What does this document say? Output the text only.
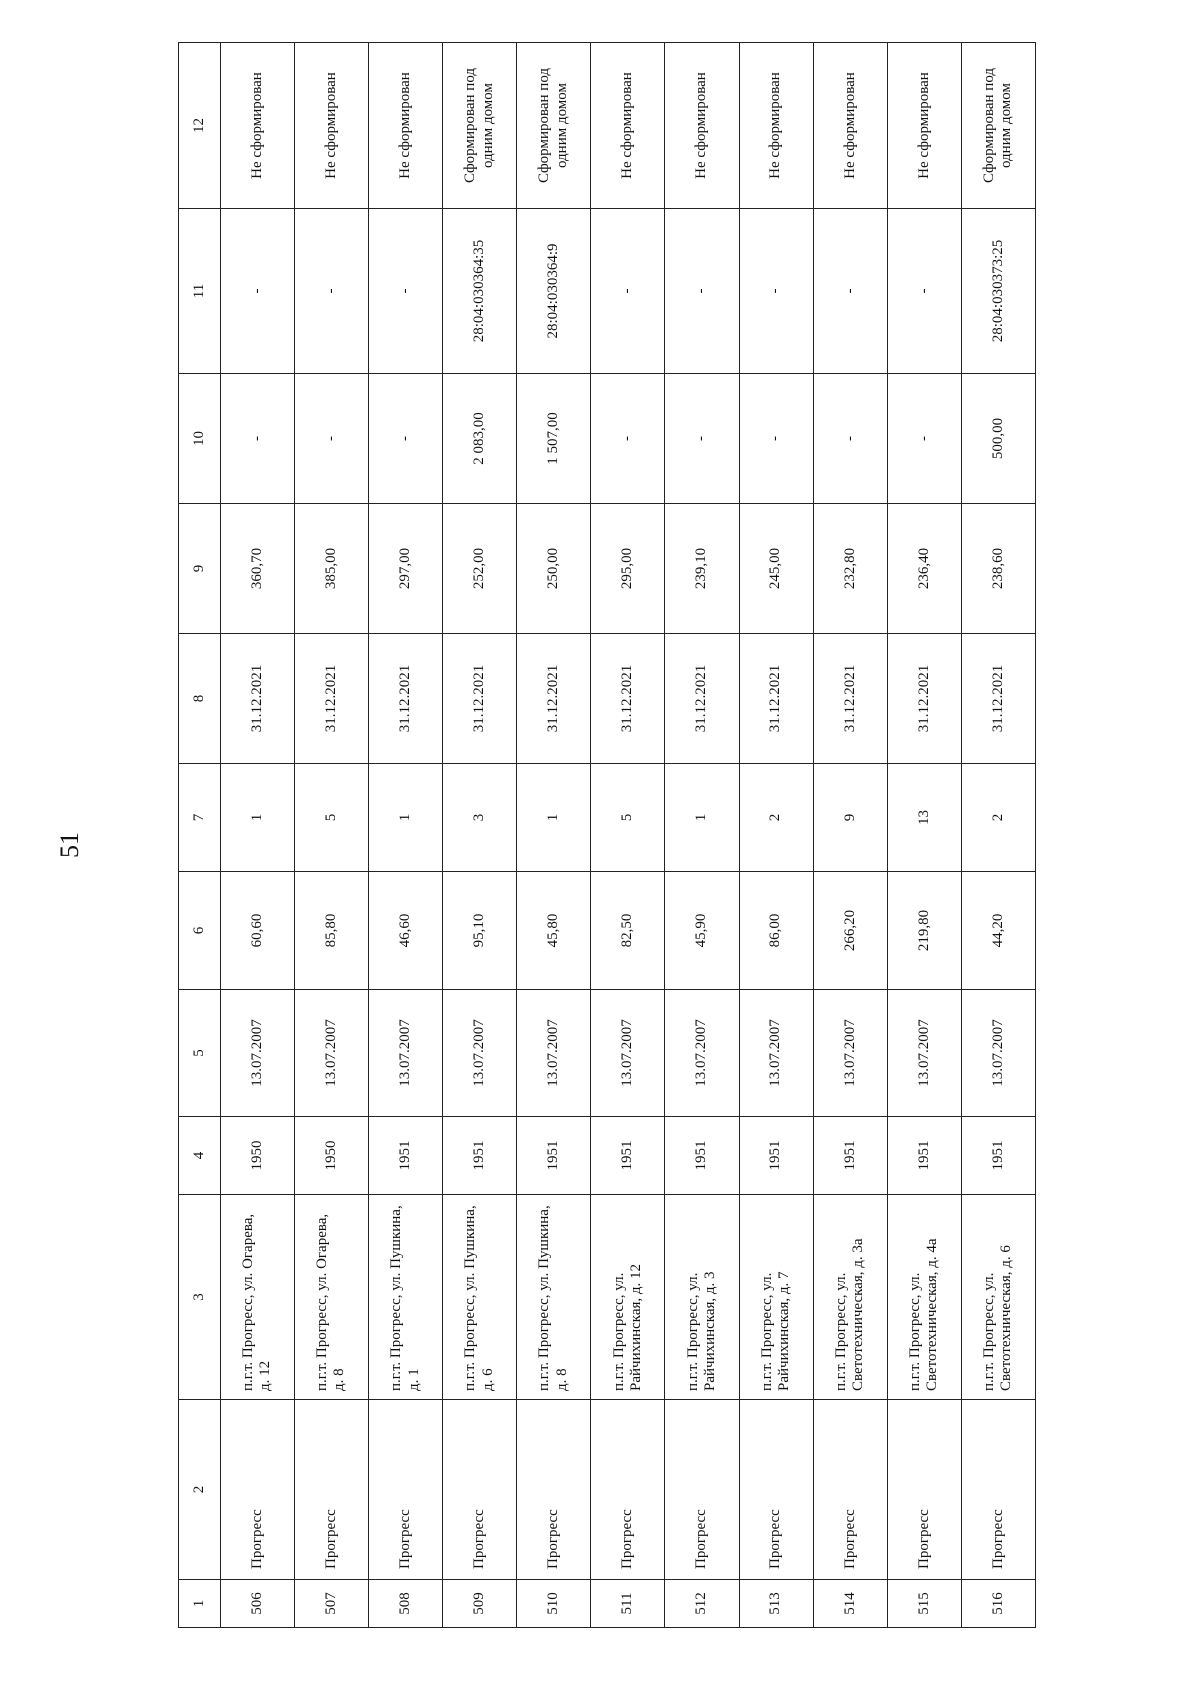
51
1	2	3	4	5	6	7	8	9	10	11	12
506	Прогресс	п.г.т. Прогресс, ул. Огарева, д. 12	1950	13.07.2007	60,60	1	31.12.2021	360,70	-	-	Не сформирован
507	Прогресс	п.г.т. Прогресс, ул. Огарева, д. 8	1950	13.07.2007	85,80	5	31.12.2021	385,00	-	-	Не сформирован
508	Прогресс	п.г.т. Прогресс, ул. Пушкина, д. 1	1951	13.07.2007	46,60	1	31.12.2021	297,00	-	-	Не сформирован
509	Прогресс	п.г.т. Прогресс, ул. Пушкина, д. 6	1951	13.07.2007	95,10	3	31.12.2021	252,00	2 083,00	28:04:030364:35	Сформирован под одним домом
510	Прогресс	п.г.т. Прогресс, ул. Пушкина, д. 8	1951	13.07.2007	45,80	1	31.12.2021	250,00	1 507,00	28:04:030364:9	Сформирован под одним домом
511	Прогресс	п.г.т. Прогресс, ул. Райчихинская, д. 12	1951	13.07.2007	82,50	5	31.12.2021	295,00	-	-	Не сформирован
512	Прогресс	п.г.т. Прогресс, ул. Райчихинская, д. 3	1951	13.07.2007	45,90	1	31.12.2021	239,10	-	-	Не сформирован
513	Прогресс	п.г.т. Прогресс, ул. Райчихинская, д. 7	1951	13.07.2007	86,00	2	31.12.2021	245,00	-	-	Не сформирован
514	Прогресс	п.г.т. Прогресс, ул. Светотехническая, д. 3а	1951	13.07.2007	266,20	9	31.12.2021	232,80	-	-	Не сформирован
515	Прогресс	п.г.т. Прогресс, ул. Светотехническая, д. 4а	1951	13.07.2007	219,80	13	31.12.2021	236,40	-	-	Не сформирован
516	Прогресс	п.г.т. Прогресс, ул. Светотехническая, д. 6	1951	13.07.2007	44,20	2	31.12.2021	238,60	500,00	28:04:030373:25	Сформирован под одним домом
